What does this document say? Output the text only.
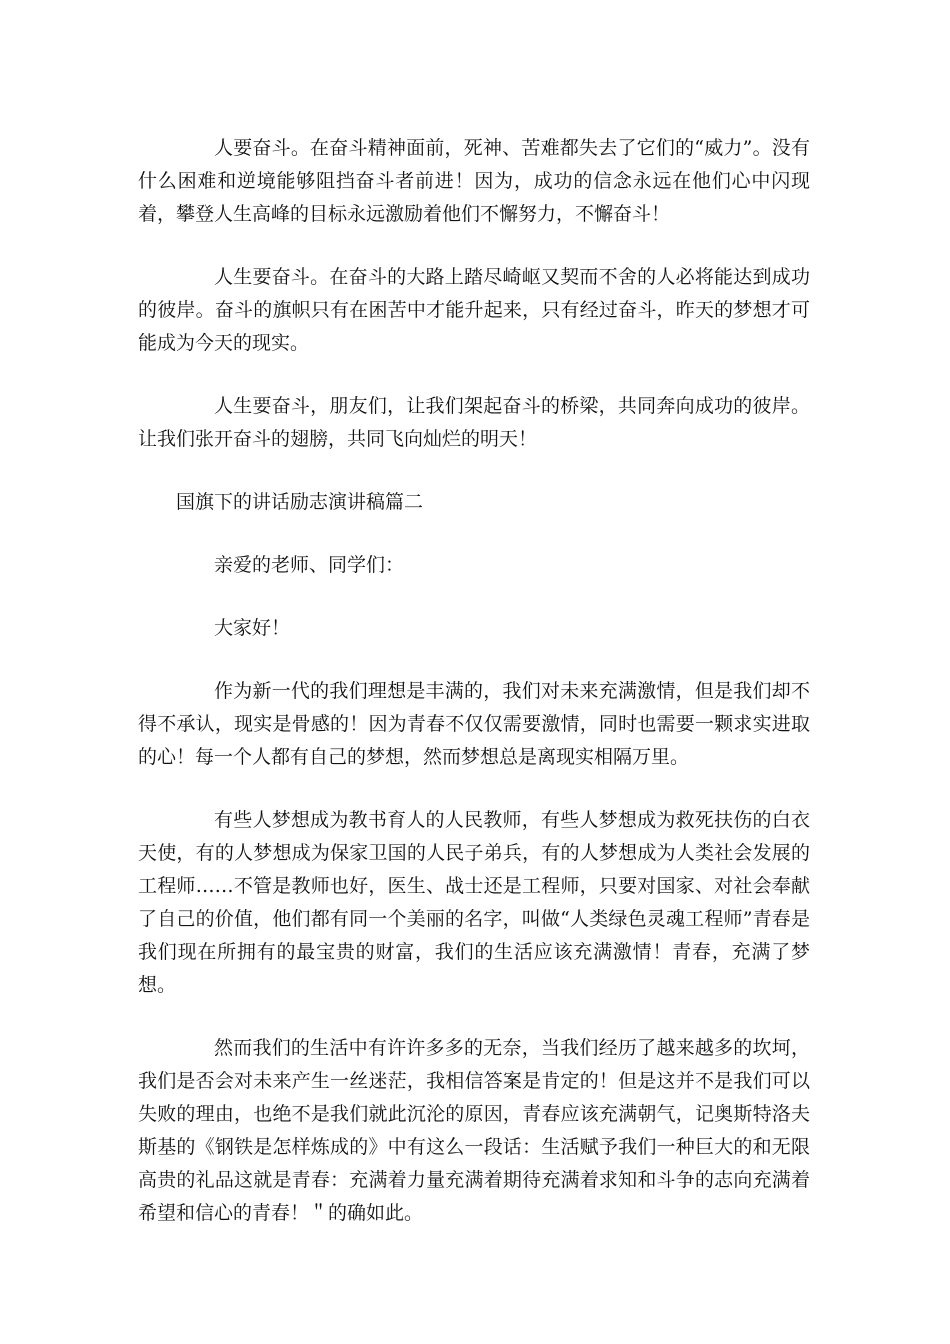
人要奋斗。在奋斗精神面前，死神、苦难都失去了它们的“威力”。没有什么困难和逆境能够阻挡奋斗者前进！因为，成功的信念永远在他们心中闪现着，攀登人生高峰的目标永远激励着他们不懈努力，不懈奋斗！

人生要奋斗。在奋斗的大路上踏尽崎岖又契而不舍的人必将能达到成功的彼岸。奋斗的旗帜只有在困苦中才能升起来，只有经过奋斗，昨天的梦想才可能成为今天的现实。

人生要奋斗，朋友们，让我们架起奋斗的桥梁，共同奔向成功的彼岸。让我们张开奋斗的翅膀，共同飞向灿烂的明天！

国旗下的讲话励志演讲稿篇二

亲爱的老师、同学们：

大家好！

作为新一代的我们理想是丰满的，我们对未来充满激情，但是我们却不得不承认，现实是骨感的！因为青春不仅仅需要激情，同时也需要一颗求实进取的心！每一个人都有自己的梦想，然而梦想总是离现实相隔万里。

有些人梦想成为教书育人的人民教师，有些人梦想成为救死扶伤的白衣天使，有的人梦想成为保家卫国的人民子弟兵，有的人梦想成为人类社会发展的工程师……不管是教师也好，医生、战士还是工程师，只要对国家、对社会奉献了自己的价值，他们都有同一个美丽的名字，叫做“人类绿色灵魂工程师”青春是我们现在所拥有的最宝贵的财富，我们的生活应该充满激情！青春，充满了梦想。

然而我们的生活中有许许多多的无奈，当我们经历了越来越多的坎坷，我们是否会对未来产生一丝迷茫，我相信答案是肯定的！但是这并不是我们可以失败的理由，也绝不是我们就此沉沦的原因，青春应该充满朝气，记奥斯特洛夫斯基的《钢铁是怎样炼成的》中有这么一段话：生活赋予我们一种巨大的和无限高贵的礼品这就是青春：充满着力量充满着期待充满着求知和斗争的志向充满着希望和信心的青春！＂的确如此。
